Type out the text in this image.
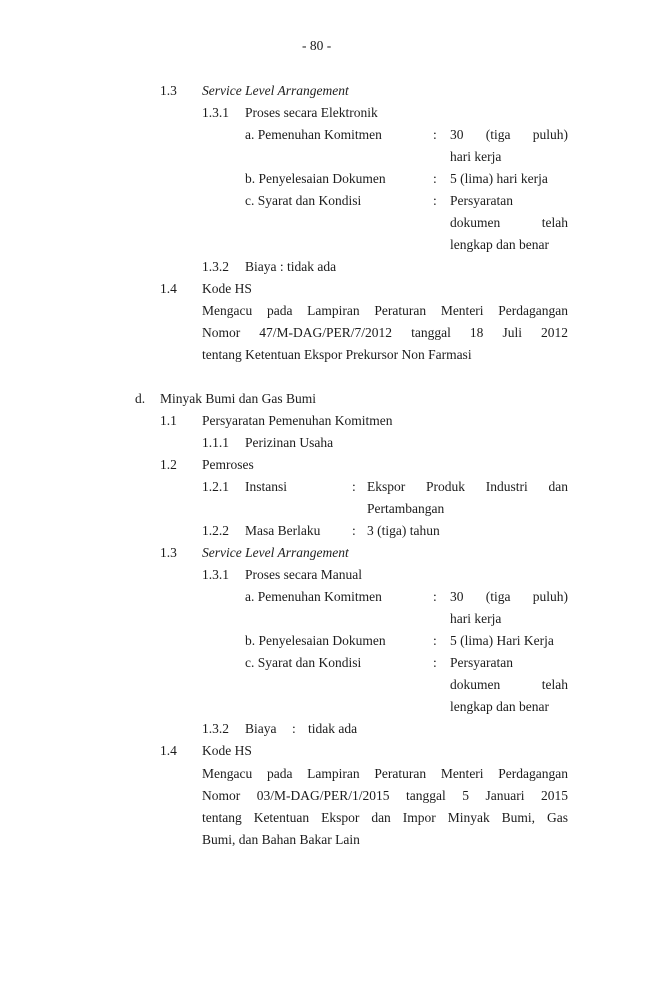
- 80 -
1.3 Service Level Arrangement
1.3.1 Proses secara Elektronik
a. Pemenuhan Komitmen	: 30 (tiga puluh)
hari kerja
b. Penyelesaian Dokumen	: 5 (lima) hari kerja
c. Syarat dan Kondisi	: Persyaratan
dokumen telah
lengkap dan benar
1.3.2 Biaya : tidak ada
1.4 Kode HS
Mengacu pada Lampiran Peraturan Menteri Perdagangan
Nomor 47/M-DAG/PER/7/2012 tanggal 18 Juli 2012
tentang Ketentuan Ekspor Prekursor Non Farmasi
d. Minyak Bumi dan Gas Bumi
1.1 Persyaratan Pemenuhan Komitmen
1.1.1 Perizinan Usaha
1.2 Pemroses
1.2.1 Instansi	: Ekspor Produk Industri dan
Pertambangan
1.2.2 Masa Berlaku : 3 (tiga) tahun
1.3 Service Level Arrangement
1.3.1 Proses secara Manual
a. Pemenuhan Komitmen	: 30 (tiga puluh)
hari kerja
b. Penyelesaian Dokumen	: 5 (lima) Hari Kerja
c. Syarat dan Kondisi	: Persyaratan
dokumen telah
lengkap dan benar
1.3.2 Biaya : tidak ada
1.4 Kode HS
Mengacu pada Lampiran Peraturan Menteri Perdagangan
Nomor 03/M-DAG/PER/1/2015 tanggal 5 Januari 2015
tentang Ketentuan Ekspor dan Impor Minyak Bumi, Gas
Bumi, dan Bahan Bakar Lain
